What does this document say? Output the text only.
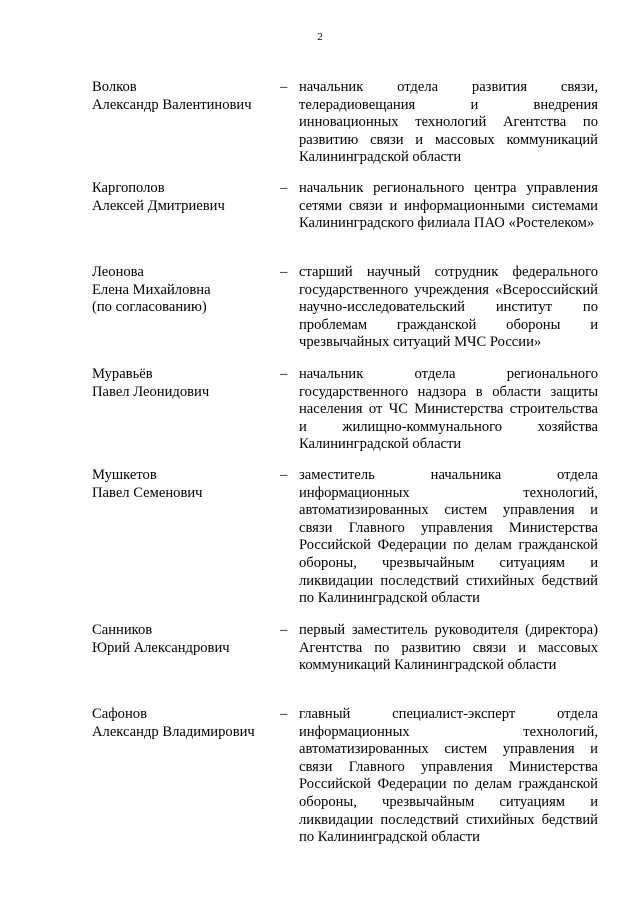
2
Волков
Александр Валентинович
– начальник отдела развития связи, телерадиовещания и внедрения инновационных технологий Агентства по развитию связи и массовых коммуникаций Калининградской области
Каргополов
Алексей Дмитриевич
– начальник регионального центра управления сетями связи и информационными системами Калининградского филиала ПАО «Ростелеком»
Леонова
Елена Михайловна
(по согласованию)
– старший научный сотрудник федерального государственного учреждения «Всероссийский научно-исследовательский институт по проблемам гражданской обороны и чрезвычайных ситуаций МЧС России»
Муравьёв
Павел Леонидович
– начальник отдела регионального государственного надзора в области защиты населения от ЧС Министерства строительства и жилищно-коммунального хозяйства Калининградской области
Мушкетов
Павел Семенович
– заместитель начальника отдела информационных технологий, автоматизированных систем управления и связи Главного управления Министерства Российской Федерации по делам гражданской обороны, чрезвычайным ситуациям и ликвидации последствий стихийных бедствий по Калининградской области
Санников
Юрий Александрович
– первый заместитель руководителя (директора) Агентства по развитию связи и массовых коммуникаций Калининградской области
Сафонов
Александр Владимирович
– главный специалист-эксперт отдела информационных технологий, автоматизированных систем управления и связи Главного управления Министерства Российской Федерации по делам гражданской обороны, чрезвычайным ситуациям и ликвидации последствий стихийных бедствий по Калининградской области
